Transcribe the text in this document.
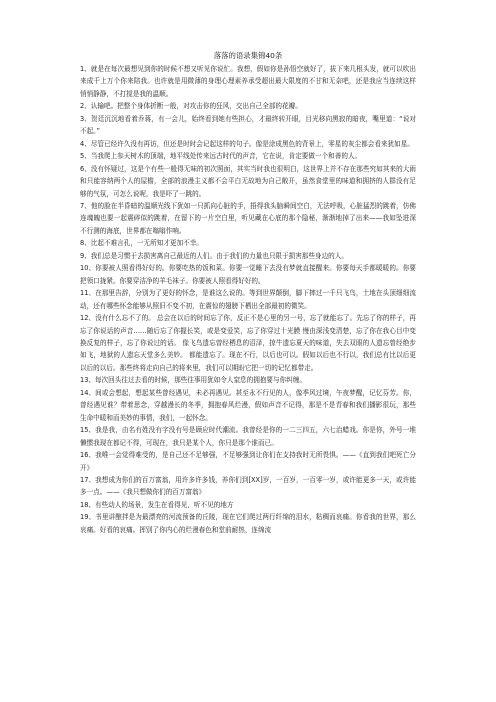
落落的语录集锦40条

1、就是在每次最想见到你的时候不想又听见你说忙。我想，假如你是孙悟空就好了，拔下来几根头发，就可以吹出来成千上万个你来陪我。也许就是用微薄的身理心理素养承受超出最大限度的不甘和无奈吧，还是我应当连续这样悄悄静静，不打搅是我的温顺。

2、认输吧。把整个身体折断一般，对攻击你的狂风，交出自己全部的花瓣。

3、贺廷沉沉地看着乔蒋，有一会儿，始终看到她有些担心，才最终转开眼，目光移向黑寂的暗夜，嘴里道：“说对不起。”

4、尽管已经许久没有再访，但还是时时会记起这样的句子。像是涂成黑色的背景上，零星的灰尘都会看来犹如星。

5、当我爬上参天树木的顶端，地平线处传来远古时代的声音，它在说，肯定要做一个和善的人。

6、没有怀疑过，这是个有些一般得无味的初次照面，其实当时我也很明白，这世界上并不存在那些究如其来的大雨和只能容纳两个人的屋檐，全部的浪漫主义都不会平白无故地为自己敞开，虽然食堂里的味道和拥挤的人群没有足够的气氛，可怎么说呢，我是吓了一跳的。

7、他的脸在半昏暗的温顺光线下犹如一只抓向心脏的手，捂得我头脑瞬间空白，无法呼吸，心脏猛烈的跳着，仿佛连魂魄也要一起震碎似的跳着，在留下的一片空白里，听见藏在心底的那个隐秘，渐渐地掉了出来——我如坠进深不行测的海底，世界都在嗡嗡作响。

8、比起不难言孔，一无所知才更加不幸。

9、我们总是习惯于去损害离自己最近的人们。由于我们的力量也只限于损害那些身边的人。

10、你要被人照看得好好的。你要吃热的饭和菜。你要一觉睡下去没有梦就直接醒来。你要每天手都暖暖的。你要把领口拢紧。你要穿洁净的羊毛袜子。你要被人照看得好好的。

11、在那里告辞，分别为了更好的怀念，是谁这么说的。等到世界颠倒，脚下摔过一千只飞鸟，土地在头顶细细流动，还有哪些怀念能够从照旧不变不初，在震惊的翅膀下栖出全部最初的微笑。

12、没有什么忘不了的。 总会在以后的时间忘了你，反正不是心里的另一号，忘了就能忘了。先忘了你的样子，再忘了你说话的声音……随后忘了你握长笑，或是变爱笑，忘了你穿过十光膜 慢由深浅变清楚，忘了你在我心目中变换反复的样子，忘了你说过的话。 像飞鸟遗忘曾经栖息的沼泽，掠牛遗忘夏天的味道，失去双眼的人遗忘曾经绝步如飞，地狱的人遗忘天堂多么美妙。 都能遗忘了。现在不行，以后也可以。假如以后也不行以，我们总有比以后更以后的以后。那些终将走向自己的将来里，我们可以期盼它把一切的记忆都带走。

13、每次回头往过去看的时候，那些往事用犹如令人窒息的拥抱要与你纠缠。

14、间或会想起，想起某些曾经遇见，未必再遇见。甚至永不行见的人，像季风过境，午夜梦醒，记忆芬芳。你，曾经遇见谁？带着思念，穿越漫长的冬季，拥抱春风烂漫，假如声音不记得，那是不是青春和我们播影很玩，那些生命中暖和而美妙的事情，我们，一起怀念。

15、我是我，由名有姓没有字没有号是顾应时代潮流。我曾经是你的一二三四五，六七治蜡戏。你是你，外号一堆懒惯我现在都记不得，可现在，我只是某个人，你只是那个谁而已。

16、我唯一会觉得难受的，是自己还不足够强，不足够强到让你们在支持我时无所畏惧。——《直到我们吧死亡分开》

17、我想成为你们的百万富翁，用许多许多钱，养你们到[XX]岁，一百岁，一百零一岁，或许能更多一天，或许能多一点。——《我只想做你们的百万富翁》

18、有些动人的场景，发生在看得见，听不见的地方

19、书里讲酿拌是为最漂亮的河流预备的丘陵，现在它们爬过两行纤绵的泪水，粘稠而哀痛。你看我的世界，那么哀痛。好看的哀痛。挥别了你内心的烂漫春色和堂前耐热，连绵流
